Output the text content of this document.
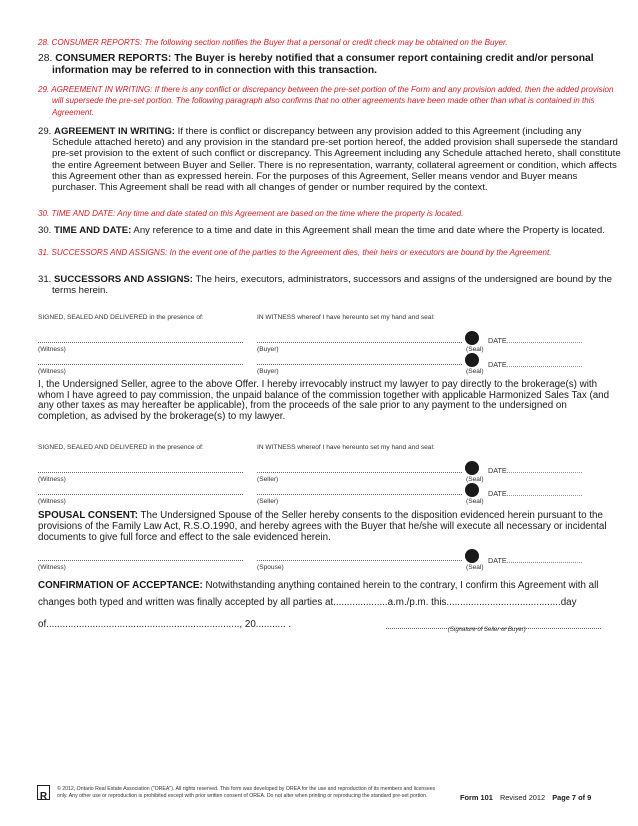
28. CONSUMER REPORTS: The following section notifies the Buyer that a personal or credit check may be obtained on the Buyer.
28. CONSUMER REPORTS: The Buyer is hereby notified that a consumer report containing credit and/or personal information may be referred to in connection with this transaction.
29. AGREEMENT IN WRITING: If there is any conflict or discrepancy between the pre-set portion of the Form and any provision added, then the added provision will supersede the pre-set portion. The following paragraph also confirms that no other agreements have been made other than what is contained in this Agreement.
29. AGREEMENT IN WRITING: If there is conflict or discrepancy between any provision added to this Agreement (including any Schedule attached hereto) and any provision in the standard pre-set portion hereof, the added provision shall supersede the standard pre-set provision to the extent of such conflict or discrepancy. This Agreement including any Schedule attached hereto, shall constitute the entire Agreement between Buyer and Seller. There is no representation, warranty, collateral agreement or condition, which affects this Agreement other than as expressed herein. For the purposes of this Agreement, Seller means vendor and Buyer means purchaser. This Agreement shall be read with all changes of gender or number required by the context.
30. TIME AND DATE: Any time and date stated on this Agreement are based on the time where the property is located.
30. TIME AND DATE: Any reference to a time and date in this Agreement shall mean the time and date where the Property is located.
31. SUCCESSORS AND ASSIGNS: In the event one of the parties to the Agreement dies, their heirs or executors are bound by the Agreement.
31. SUCCESSORS AND ASSIGNS: The heirs, executors, administrators, successors and assigns of the undersigned are bound by the terms herein.
SIGNED, SEALED AND DELIVERED in the presence of:	IN WITNESS whereof I have hereunto set my hand and seal:
(Witness)	(Buyer)	(Seal)
DATE......................................
(Witness)	(Buyer)	(Seal)
DATE......................................
I, the Undersigned Seller, agree to the above Offer. I hereby irrevocably instruct my lawyer to pay directly to the brokerage(s) with whom I have agreed to pay commission, the unpaid balance of the commission together with applicable Harmonized Sales Tax (and any other taxes as may hereafter be applicable), from the proceeds of the sale prior to any payment to the undersigned on completion, as advised by the brokerage(s) to my lawyer.
SIGNED, SEALED AND DELIVERED in the presence of:	IN WITNESS whereof I have hereunto set my hand and seal:
(Witness)	(Seller)	(Seal)
DATE......................................
(Witness)	(Seller)	(Seal)
DATE......................................
SPOUSAL CONSENT: The Undersigned Spouse of the Seller hereby consents to the disposition evidenced herein pursuant to the provisions of the Family Law Act, R.S.O.1990, and hereby agrees with the Buyer that he/she will execute all necessary or incidental documents to give full force and effect to the sale evidenced herein.
(Witness)	(Spouse)	(Seal)
DATE......................................
CONFIRMATION OF ACCEPTANCE: Notwithstanding anything contained herein to the contrary, I confirm this Agreement with all changes both typed and written was finally accepted by all parties at....................a.m./p.m. this..........................................day
of......................................................................., 20........... .	(Signature of Seller or Buyer)
R
© 2012, Ontario Real Estate Association ("OREA"). All rights reserved. This form was developed by OREA for the use and reproduction of its members and licensees
only. Any other use or reproduction is prohibited except with prior written consent of OREA. Do not alter when printing or reproducing the standard pre-set portion.	Form 101 Revised 2012 Page 7 of 9
